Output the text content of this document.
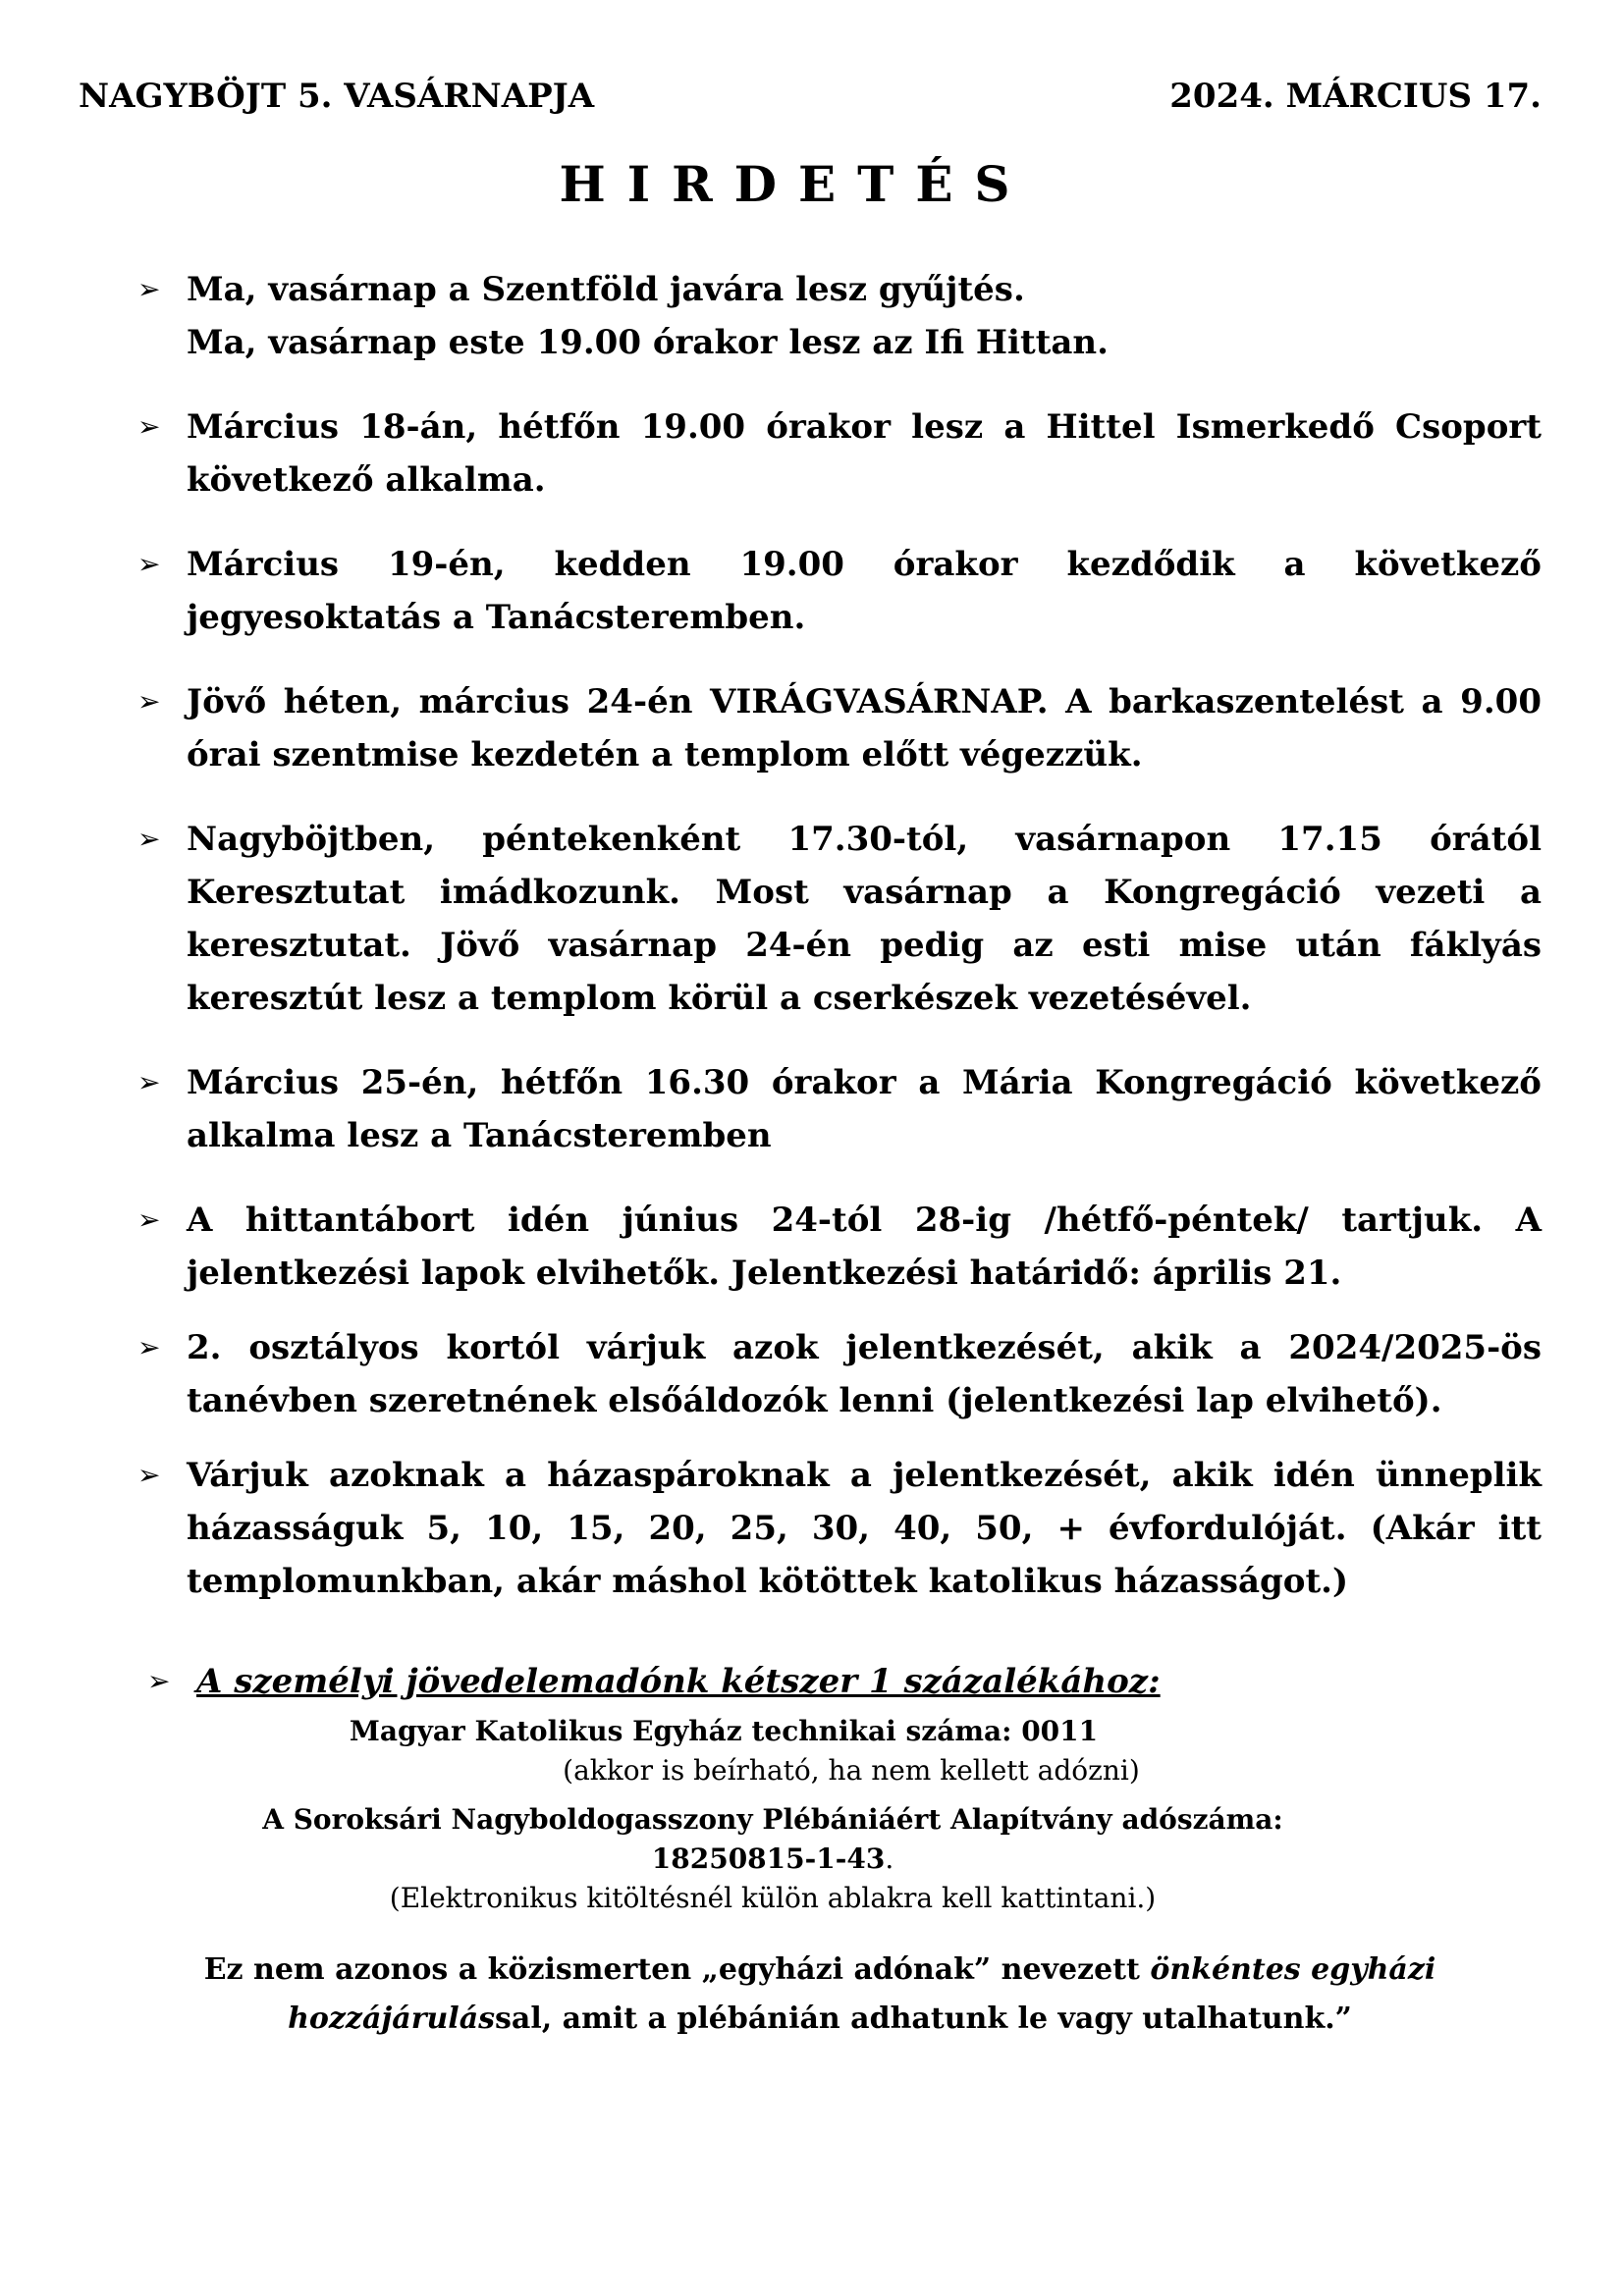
NAGYBÖJT 5. VASÁRNAPJA	2024. MÁRCIUS 17.
HIRDETÉS
➢ Ma, vasárnap a Szentföld javára lesz gyűjtés.
Ma, vasárnap este 19.00 órakor lesz az Ifi Hittan.
➢ Március 18-án, hétfőn 19.00 órakor lesz a Hittel Ismerkedő Csoport következő alkalma.
➢ Március 19-én, kedden 19.00 órakor kezdődik a következő jegyesoktatás a Tanácsteremben.
➢ Jövő héten, március 24-én VIRÁGVASÁRNAP. A barkaszentelést a 9.00 órai szentmise kezdetén a templom előtt végezzük.
➢ Nagyböjtben, péntekenként 17.30-tól, vasárnapon 17.15 órától Keresztutat imádkozunk. Most vasárnap a Kongregáció vezeti a keresztutat. Jövő vasárnap 24-én pedig az esti mise után fáklyás keresztút lesz a templom körül a cserkészek vezetésével.
➢ Március 25-én, hétfőn 16.30 órakor a Mária Kongregáció következő alkalma lesz a Tanácsteremben
➢ A hittantábort idén június 24-tól 28-ig /hétfő-péntek/ tartjuk. A jelentkezési lapok elvihetők. Jelentkezési határidő: április 21.
➢ 2. osztályos kortól várjuk azok jelentkezését, akik a 2024/2025-ös tanévben szeretnének elsőáldozók lenni (jelentkezési lap elvihető).
➢ Várjuk azoknak a házaspároknak a jelentkezését, akik idén ünneplik házasságuk 5, 10, 15, 20, 25, 30, 40, 50, + évfordulóját. (Akár itt templomunkban, akár máshol kötöttek katolikus házasságot.)
➢ A személyi jövedelemadónk kétszer 1 százalékához:
Magyar Katolikus Egyház technikai száma: 0011
(akkor is beírható, ha nem kellett adózni)
A Soroksári Nagyboldogasszony Plébániáért Alapítvány adószáma:
18250815-1-43.
(Elektronikus kitöltésnél külön ablakra kell kattintani.)
Ez nem azonos a közismerten „egyházi adónak” nevezett önkéntes egyházi hozzájárulással, amit a plébánián adhatunk le vagy utalhatunk.”
